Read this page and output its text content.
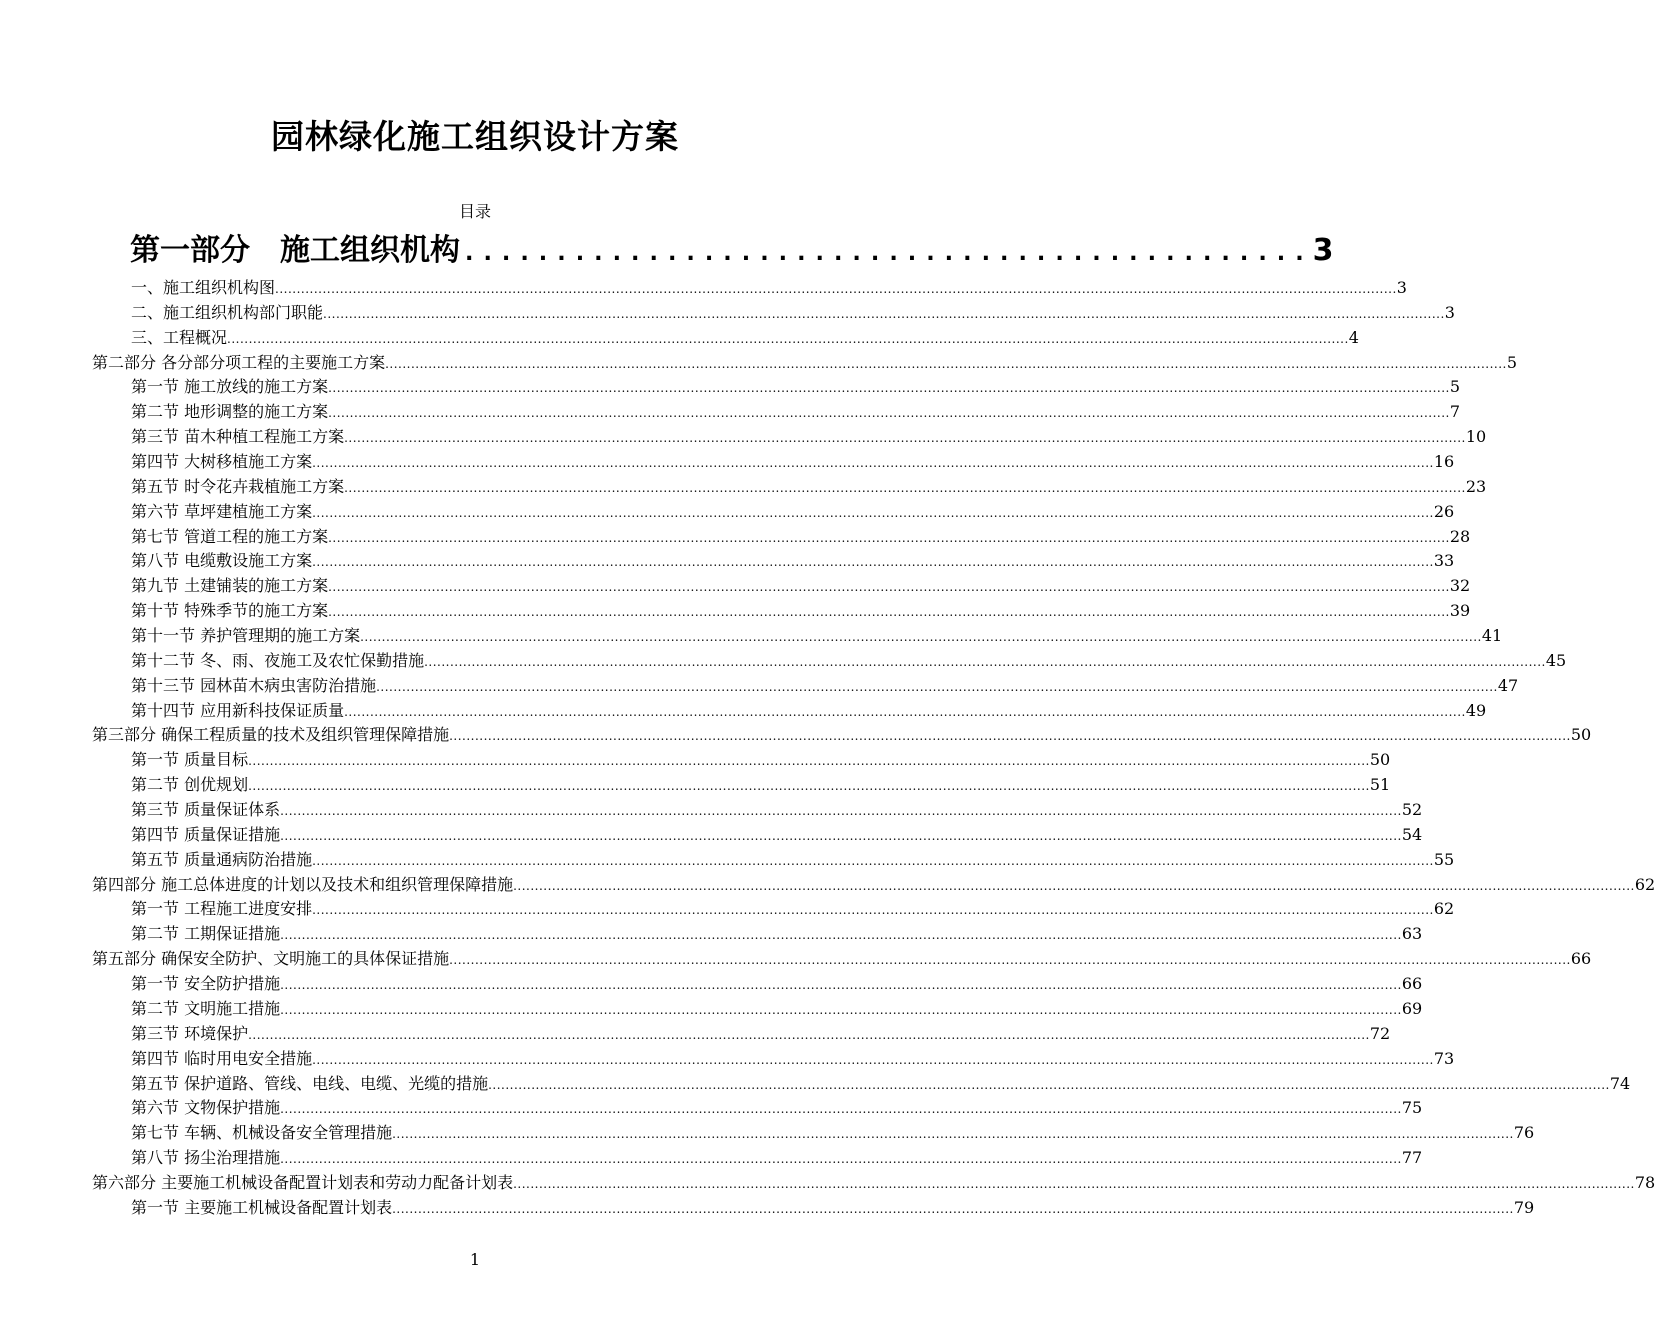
园林绿化施工组织设计方案
目录
第一部分　施工组织机构 .............................................. 3
一、施工组织机构图 .................................................................................................................................................................................................................................................................... 3
二、施工组织机构部门职能 .................................................................................................................................................................................................................................................................... 3
三、工程概况 .................................................................................................................................................................................................................................................................... 4
第二部分 各分部分项工程的主要施工方案 .................................................................................................................................................................................................................................................................... 5
第一节 施工放线的施工方案 .................................................................................................................................................................................................................................................................... 5
第二节 地形调整的施工方案 .................................................................................................................................................................................................................................................................... 7
第三节 苗木种植工程施工方案 .................................................................................................................................................................................................................................................................... 10
第四节 大树移植施工方案 .................................................................................................................................................................................................................................................................... 16
第五节 时令花卉栽植施工方案 .................................................................................................................................................................................................................................................................... 23
第六节 草坪建植施工方案 .................................................................................................................................................................................................................................................................... 26
第七节 管道工程的施工方案 .................................................................................................................................................................................................................................................................... 28
第八节 电缆敷设施工方案 .................................................................................................................................................................................................................................................................... 33
第九节 土建铺装的施工方案 .................................................................................................................................................................................................................................................................... 32
第十节 特殊季节的施工方案 .................................................................................................................................................................................................................................................................... 39
第十一节 养护管理期的施工方案 .................................................................................................................................................................................................................................................................... 41
第十二节 冬、雨、夜施工及农忙保勤措施 .................................................................................................................................................................................................................................................................... 45
第十三节 园林苗木病虫害防治措施 .................................................................................................................................................................................................................................................................... 47
第十四节 应用新科技保证质量 .................................................................................................................................................................................................................................................................... 49
第三部分 确保工程质量的技术及组织管理保障措施 .................................................................................................................................................................................................................................................................... 50
第一节 质量目标 .................................................................................................................................................................................................................................................................... 50
第二节 创优规划 .................................................................................................................................................................................................................................................................... 51
第三节 质量保证体系 .................................................................................................................................................................................................................................................................... 52
第四节 质量保证措施 .................................................................................................................................................................................................................................................................... 54
第五节 质量通病防治措施 .................................................................................................................................................................................................................................................................... 55
第四部分 施工总体进度的计划以及技术和组织管理保障措施 .................................................................................................................................................................................................................................................................... 62
第一节 工程施工进度安排 .................................................................................................................................................................................................................................................................... 62
第二节 工期保证措施 .................................................................................................................................................................................................................................................................... 63
第五部分 确保安全防护、文明施工的具体保证措施 .................................................................................................................................................................................................................................................................... 66
第一节 安全防护措施 .................................................................................................................................................................................................................................................................... 66
第二节 文明施工措施 .................................................................................................................................................................................................................................................................... 69
第三节 环境保护 .................................................................................................................................................................................................................................................................... 72
第四节 临时用电安全措施 .................................................................................................................................................................................................................................................................... 73
第五节 保护道路、管线、电线、电缆、光缆的措施 .................................................................................................................................................................................................................................................................... 74
第六节 文物保护措施 .................................................................................................................................................................................................................................................................... 75
第七节 车辆、机械设备安全管理措施 .................................................................................................................................................................................................................................................................... 76
第八节 扬尘治理措施 .................................................................................................................................................................................................................................................................... 77
第六部分 主要施工机械设备配置计划表和劳动力配备计划表 .................................................................................................................................................................................................................................................................... 78
第一节 主要施工机械设备配置计划表 .................................................................................................................................................................................................................................................................... 79
1
